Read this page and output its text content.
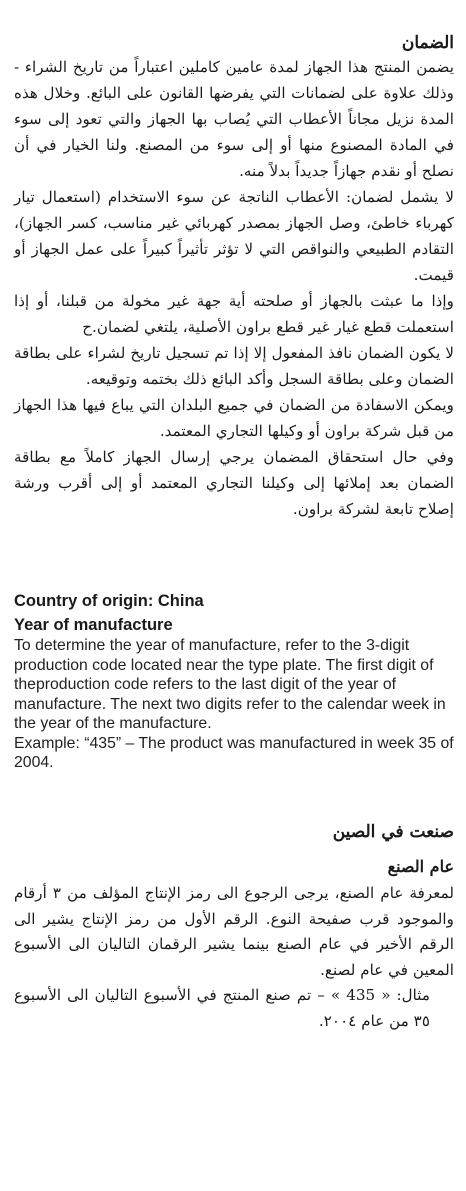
الضمان

يضمن المنتج هذا الجهاز لمدة عامين كاملين اعتباراً من تاريخ الشراء - وذلك علاوة على لضمانات التي يفرضها القانون على البائع. وخلال هذه المدة نزيل مجاناً الأعطاب التي يُصاب بها الجهاز والتي تعود إلى سوء في المادة المصنوع منها أو إلى سوء من المصنع. ولنا الخيار في أن نصلح أو نقدم جهازاً جديداً بدلاً منه.

لا يشمل لضمان: الأعطاب الناتجة عن سوء الاستخدام (استعمال تيار كهرباء خاطئ، وصل الجهاز بمصدر كهربائي غير مناسب، كسر الجهاز)، التقادم الطبيعي والنواقص التي لا تؤثر تأثيراً كبيراً على عمل الجهاز أو قيمت.

وإذا ما عبثت بالجهاز أو صلحته أية جهة غير مخولة من قبلنا، أو إذا استعملت قطع غيار غير قطع براون الأصلية، يلتغي لضمان.ح

لا يكون الضمان نافذ المفعول إلا إذا تم تسجيل تاريخ لشراء على بطاقة الضمان وعلى بطاقة السجل وأكد البائع ذلك بختمه وتوقيعه.

ويمكن الاسفادة من الضمان في جميع البلدان التي يباع فيها هذا الجهاز من قبل شركة براون أو وكيلها التجاري المعتمد.

وفي حال استحقاق المضمان يرجي إرسال الجهاز كاملاً مع بطاقة الضمان بعد إملائها إلى وكيلنا التجاري المعتمد أو إلى أقرب ورشة إصلاح تابعة لشركة براون.

Country of origin: China
Year of manufacture

To determine the year of manufacture, refer to the 3-digit production code located near the type plate. The first digit of theproduction code refers to the last digit of the year of manufacture. The next two digits refer to the calendar week in the year of the manufacture.

Example: “435” – The product was manufactured in week 35 of 2004.

صنعت في الصين
عام الصنع

لمعرفة عام الصنع، يرجى الرجوع الى رمز الإنتاج المؤلف من ٣ أرقام والموجود قرب صفيحة النوع. الرقم الأول من رمز الإنتاج يشير الى الرقم الأخير في عام الصنع بينما يشير الرقمان التاليان الى الأسبوع المعين في عام لصنع.

مثال: « 435 » – تم صنع المنتج في الأسبوع التاليان الى الأسبوع ٣٥ من عام ٢٠٠٤.
